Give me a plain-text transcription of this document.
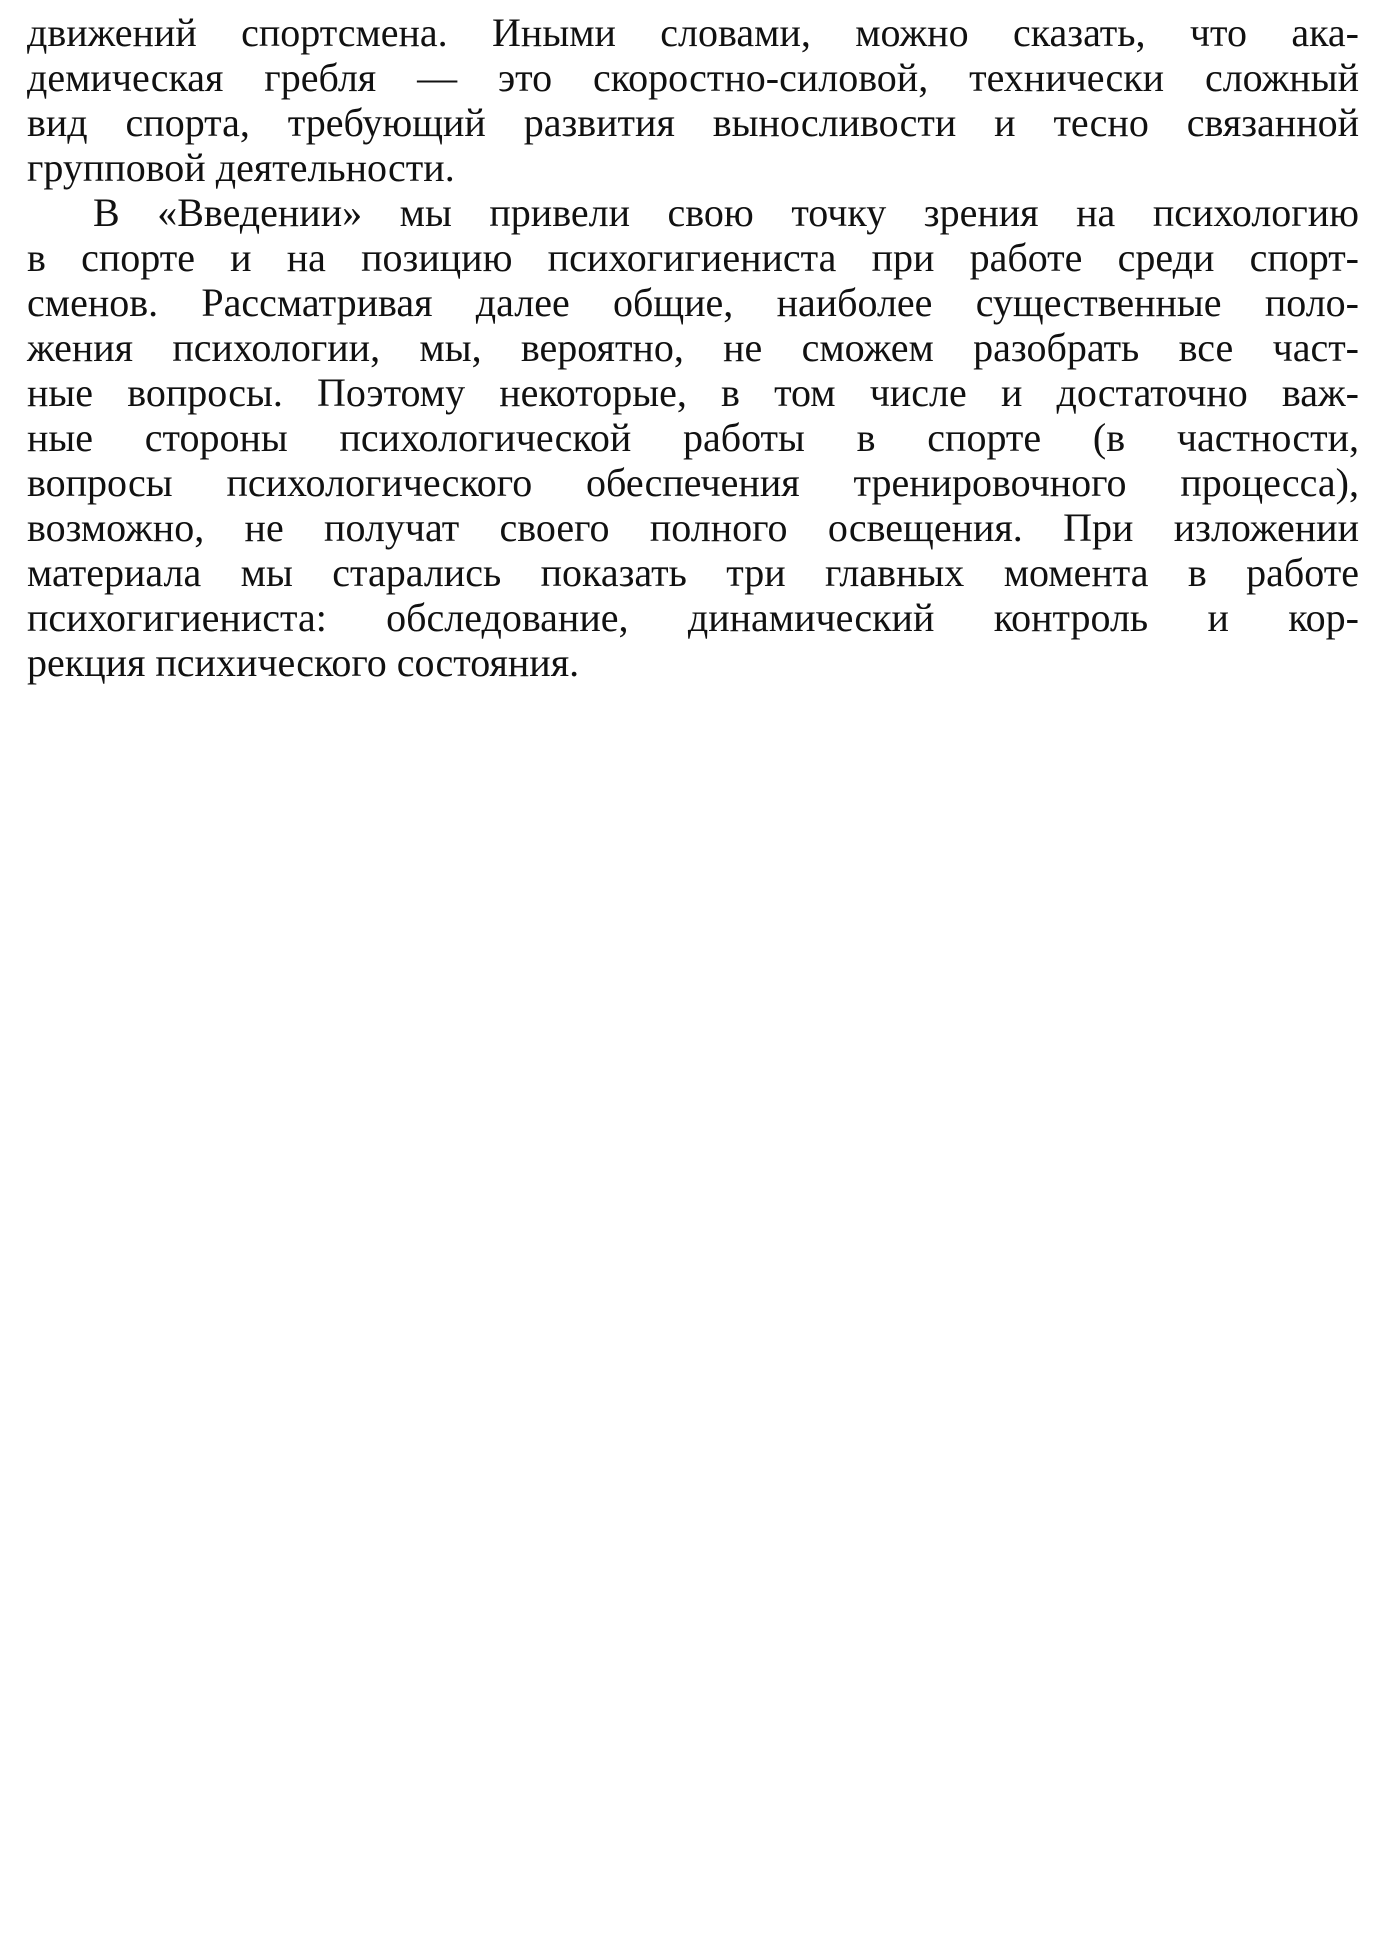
движений спортсмена. Иными словами, можно сказать, что ака-
демическая гребля — это скоростно-силовой, технически сложный
вид спорта, требующий развития выносливости и тесно связанной
групповой деятельности.
В «Введении» мы привели свою точку зрения на психологию
в спорте и на позицию психогигиениста при работе среди спорт-
сменов. Рассматривая далее общие, наиболее существенные поло-
жения психологии, мы, вероятно, не сможем разобрать все част-
ные вопросы. Поэтому некоторые, в том числе и достаточно важ-
ные стороны психологической работы в спорте (в частности,
вопросы психологического обеспечения тренировочного процесса),
возможно, не получат своего полного освещения. При изложении
материала мы старались показать три главных момента в работе
психогигиениста: обследование, динамический контроль и кор-
рекция психического состояния.
